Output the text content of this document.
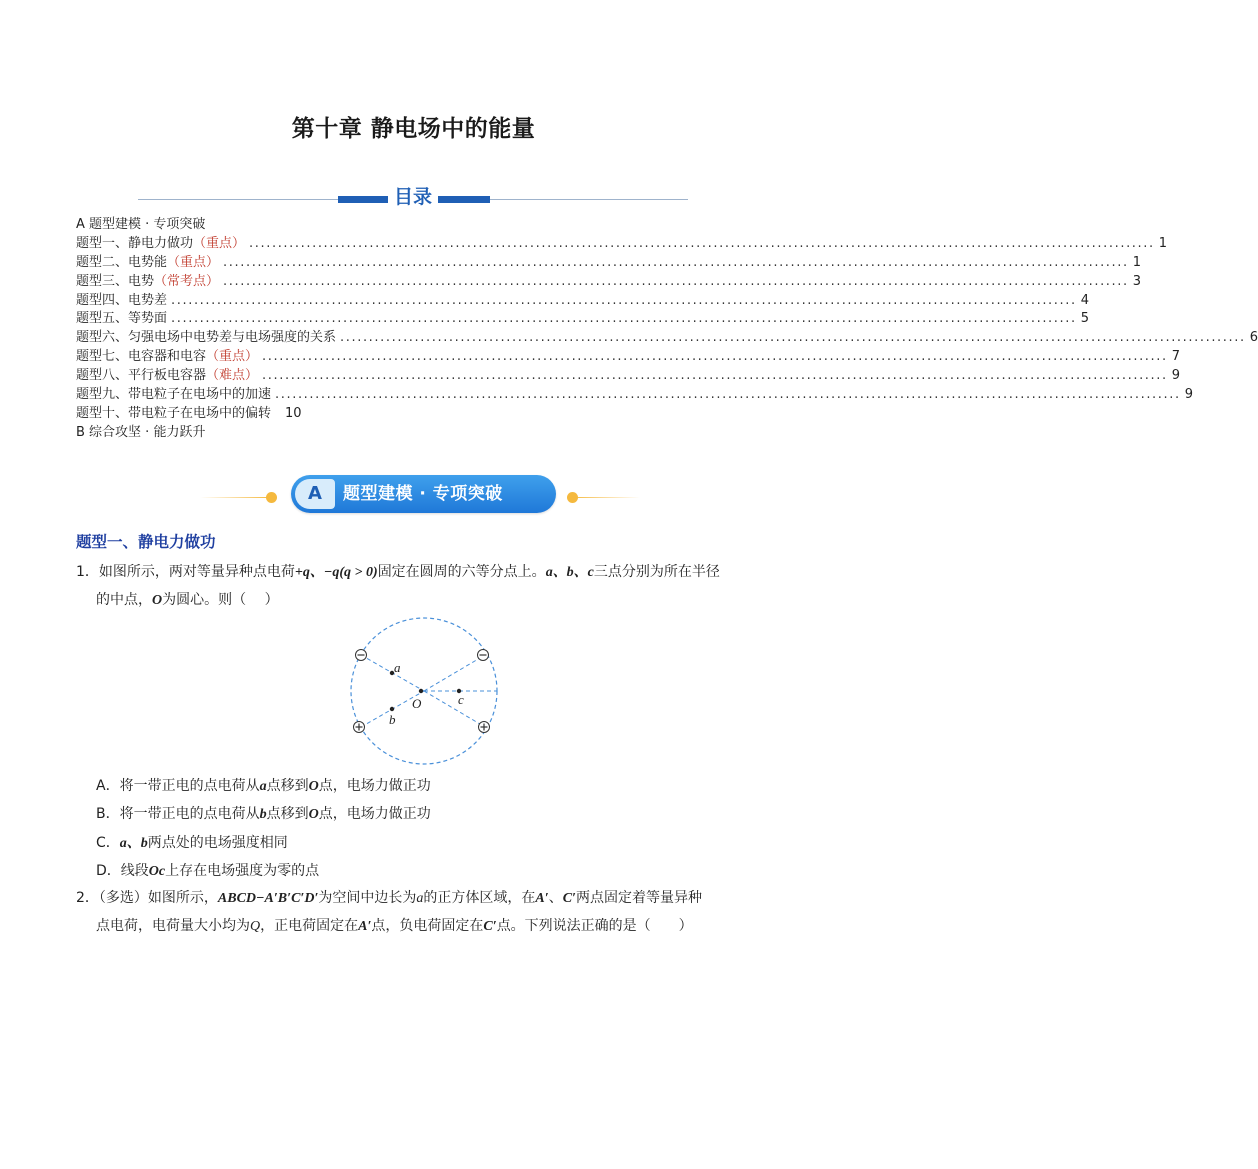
第十章 静电场中的能量
目录
A 题型建模 · 专项突破
题型一、静电力做功 （重点） .............................................................................................................................................................. 1
题型二、电势能 （重点） .............................................................................................................................................................. 1
题型三、电势 （常考点） .............................................................................................................................................................. 3
题型四、电势差 .............................................................................................................................................................. 4
题型五、等势面 .............................................................................................................................................................. 5
题型六、匀强电场中电势差与电场强度的关系 .............................................................................................................................................................. 6
题型七、电容器和电容 （重点） .............................................................................................................................................................. 7
题型八、平行板电容器 （难点） .............................................................................................................................................................. 9
题型九、带电粒子在电场中的加速 .............................................................................................................................................................. 9
题型十、带电粒子在电场中的偏转 10
B 综合攻坚 · 能力跃升
A	题型建模 · 专项突破
题型一、静电力做功
1．如图所示，两对等量异种点电荷+q、−q(q > 0)固定在圆周的六等分点上。a、b、c三点分别为所在半径
的中点，O为圆心。则（　 ）
a
b
c
O
A．将一带正电的点电荷从a点移到O点，电场力做正功
B．将一带正电的点电荷从b点移到O点，电场力做正功
C．a、b两点处的电场强度相同
D．线段Oc上存在电场强度为零的点
2．（多选）如图所示，ABCD−A′B′C′D′为空间中边长为a的正方体区域，在A′、C′两点固定着等量异种
点电荷，电荷量大小均为Q，正电荷固定在A′点，负电荷固定在C′点。下列说法正确的是（　　）
